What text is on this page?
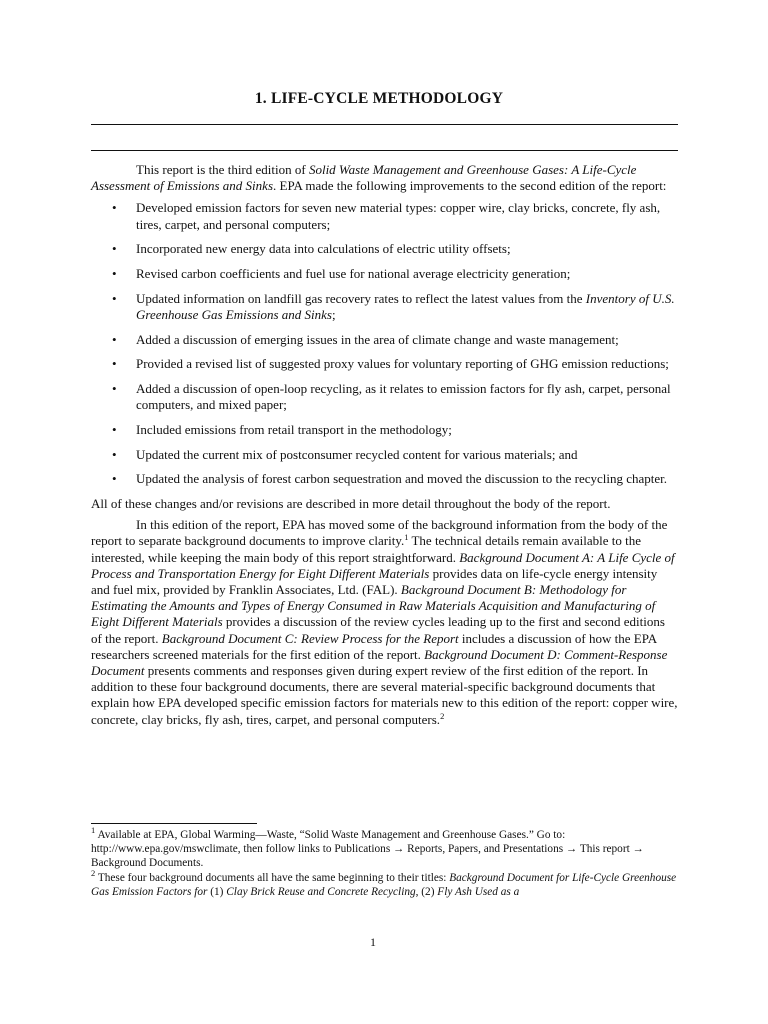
1. LIFE-CYCLE METHODOLOGY

This report is the third edition of Solid Waste Management and Greenhouse Gases: A Life-Cycle Assessment of Emissions and Sinks. EPA made the following improvements to the second edition of the report:

• Developed emission factors for seven new material types: copper wire, clay bricks, concrete, fly ash, tires, carpet, and personal computers;
• Incorporated new energy data into calculations of electric utility offsets;
• Revised carbon coefficients and fuel use for national average electricity generation;
• Updated information on landfill gas recovery rates to reflect the latest values from the Inventory of U.S. Greenhouse Gas Emissions and Sinks;
• Added a discussion of emerging issues in the area of climate change and waste management;
• Provided a revised list of suggested proxy values for voluntary reporting of GHG emission reductions;
• Added a discussion of open-loop recycling, as it relates to emission factors for fly ash, carpet, personal computers, and mixed paper;
• Included emissions from retail transport in the methodology;
• Updated the current mix of postconsumer recycled content for various materials; and
• Updated the analysis of forest carbon sequestration and moved the discussion to the recycling chapter.

All of these changes and/or revisions are described in more detail throughout the body of the report.

In this edition of the report, EPA has moved some of the background information from the body of the report to separate background documents to improve clarity.$^1$ The technical details remain available to the interested, while keeping the main body of this report straightforward. Background Document A: A Life Cycle of Process and Transportation Energy for Eight Different Materials provides data on life-cycle energy intensity and fuel mix, provided by Franklin Associates, Ltd. (FAL). Background Document B: Methodology for Estimating the Amounts and Types of Energy Consumed in Raw Materials Acquisition and Manufacturing of Eight Different Materials provides a discussion of the review cycles leading up to the first and second editions of the report. Background Document C: Review Process for the Report includes a discussion of how the EPA researchers screened materials for the first edition of the report. Background Document D: Comment-Response Document presents comments and responses given during expert review of the first edition of the report. In addition to these four background documents, there are several material-specific background documents that explain how EPA developed specific emission factors for materials new to this edition of the report: copper wire, concrete, clay bricks, fly ash, tires, carpet, and personal computers.$^2$

$^1$ Available at EPA, Global Warming—Waste, “Solid Waste Management and Greenhouse Gases.” Go to: http://www.epa.gov/mswclimate, then follow links to Publications → Reports, Papers, and Presentations → This report → Background Documents.

$^2$ These four background documents all have the same beginning to their titles: Background Document for Life-Cycle Greenhouse Gas Emission Factors for (1) Clay Brick Reuse and Concrete Recycling, (2) Fly Ash Used as a

1
